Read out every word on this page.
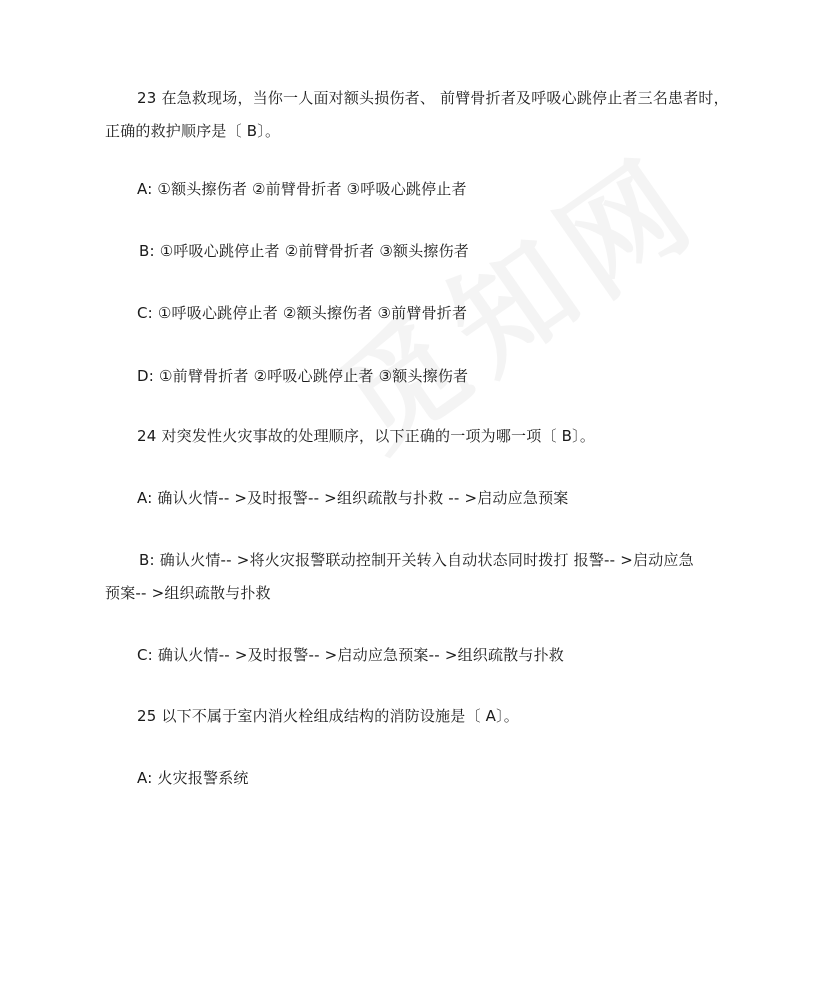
23 在急救现场，当你一人面对额头损伤者、 前臂骨折者及呼吸心跳停止者三名患者时，
正确的救护顺序是〔 B〕。
A: ①额头擦伤者 ②前臂骨折者 ③呼吸心跳停止者
B: ①呼吸心跳停止者 ②前臂骨折者 ③额头擦伤者
C: ①呼吸心跳停止者 ②额头擦伤者 ③前臂骨折者
D: ①前臂骨折者 ②呼吸心跳停止者 ③额头擦伤者
24 对突发性火灾事故的处理顺序，以下正确的一项为哪一项〔 B〕。
A: 确认火情-- >及时报警-- >组织疏散与扑救 -- >启动应急预案
B: 确认火情-- >将火灾报警联动控制开关转入自动状态同时拨打 报警-- >启动应急
预案-- >组织疏散与扑救
C: 确认火情-- >及时报警-- >启动应急预案-- >组织疏散与扑救
25 以下不属于室内消火栓组成结构的消防设施是〔 A〕。
A: 火灾报警系统
